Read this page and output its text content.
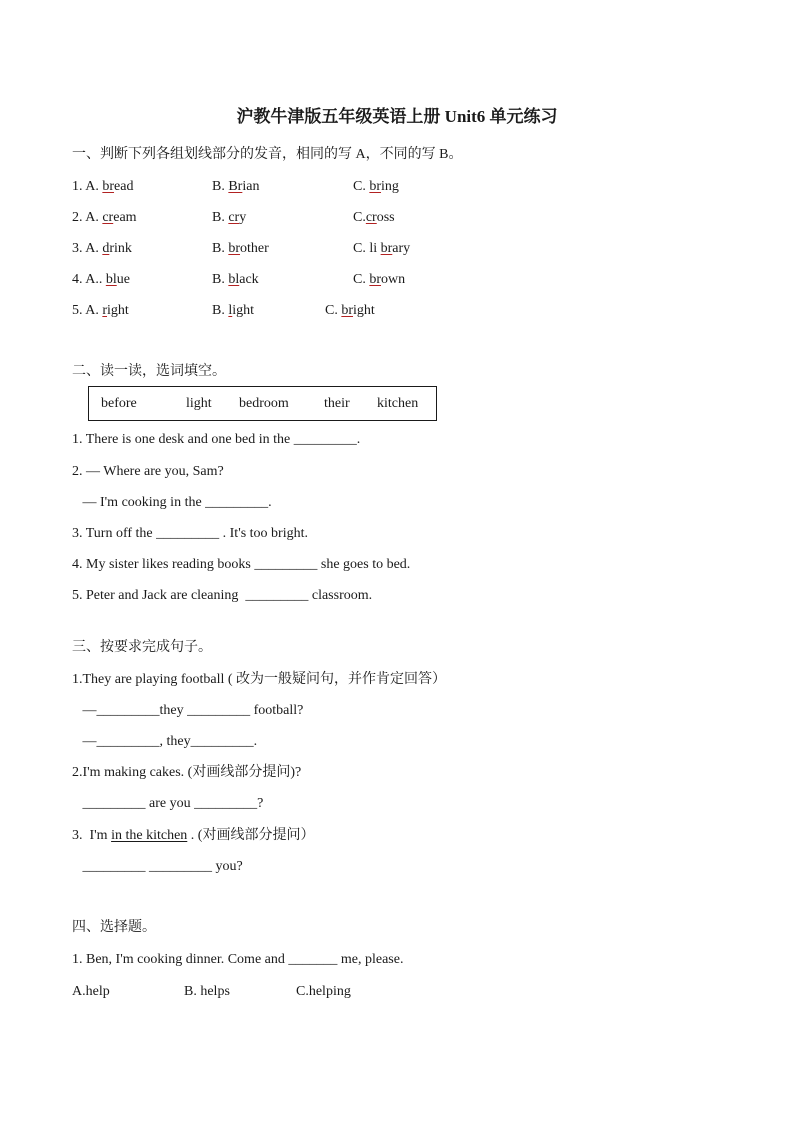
沪教牛津版五年级英语上册 Unit6 单元练习
一、判断下列各组划线部分的发音，相同的写 A，不同的写 B。
1. A. bread	B. Brian	C. bring
2. A. cream	B. cry	C.cross
3. A. drink	B. brother	C. li brary
4. A.. blue	B. black	C. brown
5. A. right	B. light	C. bright
二、读一读，选词填空。
before	light bedroom	their kitchen
1. There is one desk and one bed in the _________.
2. — Where are you, Sam?
— I'm cooking in the _________.
3. Turn off the _________ . It's too bright.
4. My sister likes reading books _________ she goes to bed.
5. Peter and Jack are cleaning  _________ classroom.
三、按要求完成句子。
1.They are playing football ( 改为一般疑问句，并作肯定回答）
—_________they _________ football?
—_________, they_________.
2.I'm making cakes. (对画线部分提问)?
_________ are you _________?
3.  I'm in the kitchen . (对画线部分提问）
_________ _________ you?
四、选择题。
1. Ben, I'm cooking dinner. Come and _______ me, please.
A.help	B. helps	C.helping
